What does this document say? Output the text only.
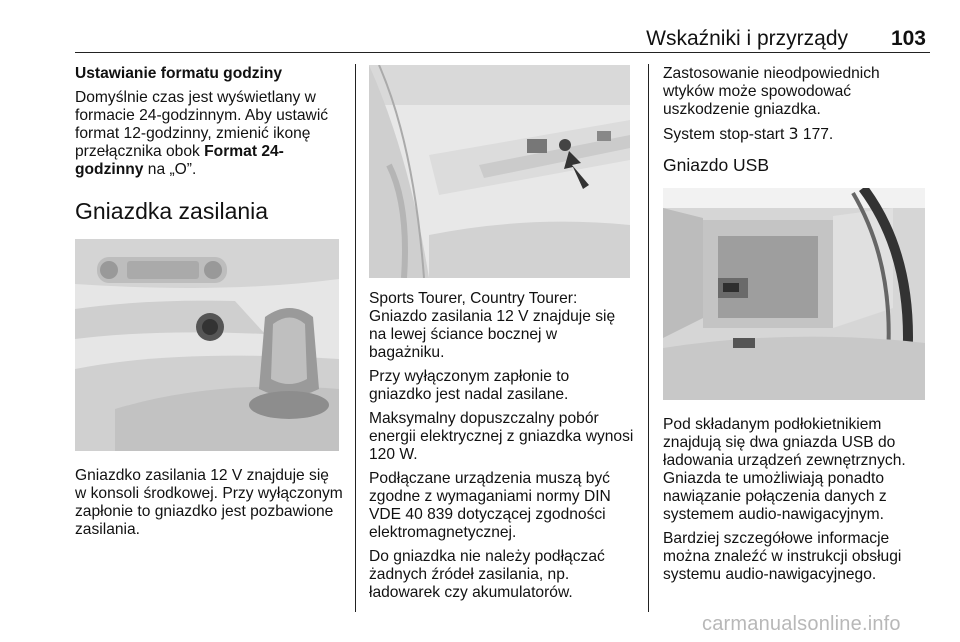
Wskaźniki i przyrządy 103

Ustawianie formatu godziny

Domyślnie czas jest wyświetlany w formacie 24-godzinnym. Aby ustawić format 12-godzinny, zmienić ikonę przełącznika obok Format 24-godzinny na „O”.

Gniazdka zasilania

Gniazdko zasilania 12 V znajduje się w konsoli środkowej. Przy wyłączonym zapłonie to gniazdko jest pozbawione zasilania.

Sports Tourer, Country Tourer: Gniazdo zasilania 12 V znajduje się na lewej ściance bocznej w bagażniku.

Przy wyłączonym zapłonie to gniazdko jest nadal zasilane.

Maksymalny dopuszczalny pobór energii elektrycznej z gniazdka wynosi 120 W.

Podłączane urządzenia muszą być zgodne z wymaganiami normy DIN VDE 40 839 dotyczącej zgodności elektromagnetycznej.

Do gniazdka nie należy podłączać żadnych źródeł zasilania, np. ładowarek czy akumulatorów.

Zastosowanie nieodpowiednich wtyków może spowodować uszkodzenie gniazdka.

System stop-start 3 177.

Gniazdo USB

Pod składanym podłokietnikiem znajdują się dwa gniazda USB do ładowania urządzeń zewnętrznych. Gniazda te umożliwiają ponadto nawiązanie połączenia danych z systemem audio-nawigacyjnym.

Bardziej szczegółowe informacje można znaleźć w instrukcji obsługi systemu audio-nawigacyjnego.

carmanualsonline.info
